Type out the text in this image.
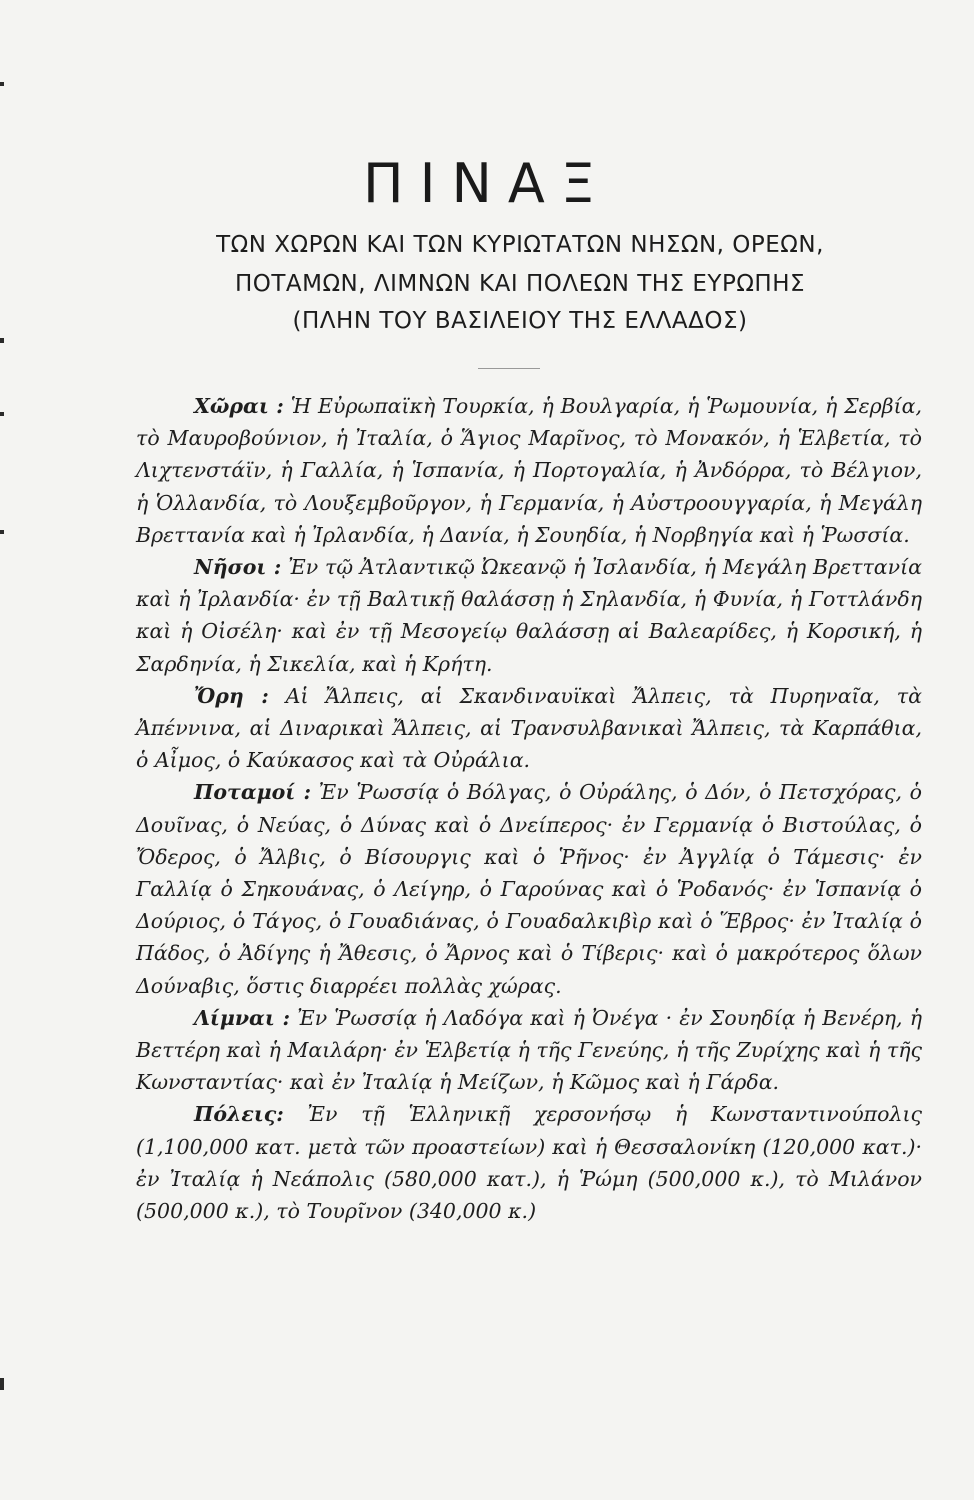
ΠΙΝΑΞ
ΤΩΝ ΧΩΡΩΝ ΚΑΙ ΤΩΝ ΚΥΡΙΩΤΑΤΩΝ ΝΗΣΩΝ, ΟΡΕΩΝ,
ΠΟΤΑΜΩΝ, ΛΙΜΝΩΝ ΚΑΙ ΠΟΛΕΩΝ ΤΗΣ ΕΥΡΩΠΗΣ
(ΠΛΗΝ ΤΟΥ ΒΑΣΙΛΕΙΟΥ ΤΗΣ ΕΛΛΑΔΟΣ)

Χῶραι : Ἡ Εὐρωπαϊκὴ Τουρκία, ἡ Βουλγαρία, ἡ Ῥωμουνία, ἡ Σερβία, τὸ Μαυροβούνιον, ἡ Ἰταλία, ὁ Ἅγιος Μαρῖνος, τὸ Μονακόν, ἡ Ἑλβετία, τὸ Λιχτενστάϊν, ἡ Γαλλία, ἡ Ἱσπανία, ἡ Πορτογαλία, ἡ Ἀνδόρρα, τὸ Βέλγιον, ἡ Ὁλλανδία, τὸ Λουξεμβοῦργον, ἡ Γερμανία, ἡ Αὐστροουγγαρία, ἡ Μεγάλη Βρεττανία καὶ ἡ Ἰρλανδία, ἡ Δανία, ἡ Σουηδία, ἡ Νορβηγία καὶ ἡ Ῥωσσία.

Νῆσοι : Ἐν τῷ Ἀτλαντικῷ Ὠκεανῷ ἡ Ἰσλανδία, ἡ Μεγάλη Βρεττανία καὶ ἡ Ἰρλανδία· ἐν τῇ Βαλτικῇ θαλάσσῃ ἡ Σηλανδία, ἡ Φυνία, ἡ Γοττλάνδη καὶ ἡ Οἰσέλη· καὶ ἐν τῇ Μεσογείῳ θαλάσσῃ αἱ Βαλεαρίδες, ἡ Κορσική, ἡ Σαρδηνία, ἡ Σικελία, καὶ ἡ Κρήτη.

Ὄρη : Αἱ Ἄλπεις, αἱ Σκανδιναυϊκαὶ Ἄλπεις, τὰ Πυρηναῖα, τὰ Ἀπέννινα, αἱ Διναρικαὶ Ἄλπεις, αἱ Τρανσυλβανικαὶ Ἄλπεις, τὰ Καρπάθια, ὁ Αἶμος, ὁ Καύκασος καὶ τὰ Οὐράλια.

Ποταμοί : Ἐν Ῥωσσίᾳ ὁ Βόλγας, ὁ Οὐράλης, ὁ Δόν, ὁ Πετσχόρας, ὁ Δουῖνας, ὁ Νεύας, ὁ Δύνας καὶ ὁ Δνείπερος· ἐν Γερμανίᾳ ὁ Βιστούλας, ὁ Ὄδερος, ὁ Ἄλβις, ὁ Βίσουργις καὶ ὁ Ῥῆνος· ἐν Ἀγγλίᾳ ὁ Τάμεσις· ἐν Γαλλίᾳ ὁ Σηκουάνας, ὁ Λείγηρ, ὁ Γαρούνας καὶ ὁ Ῥοδανός· ἐν Ἱσπανίᾳ ὁ Δούριος, ὁ Τάγος, ὁ Γουαδιάνας, ὁ Γουαδαλκιβὶρ καὶ ὁ Ἕβρος· ἐν Ἰταλίᾳ ὁ Πάδος, ὁ Ἀδίγης ἡ Ἄθεσις, ὁ Ἄρνος καὶ ὁ Τίβερις· καὶ ὁ μακρότερος ὅλων Δούναβις, ὅστις διαρρέει πολλὰς χώρας.

Λίμναι : Ἐν Ῥωσσίᾳ ἡ Λαδόγα καὶ ἡ Ὀνέγα · ἐν Σουηδίᾳ ἡ Βενέρη, ἡ Βεττέρη καὶ ἡ Μαιλάρη· ἐν Ἑλβετίᾳ ἡ τῆς Γενεύης, ἡ τῆς Ζυρίχης καὶ ἡ τῆς Κωνσταντίας· καὶ ἐν Ἰταλίᾳ ἡ Μείζων, ἡ Κῶμος καὶ ἡ Γάρδα.

Πόλεις: Ἐν τῇ Ἑλληνικῇ χερσονήσῳ ἡ Κωνσταντινούπολις (1,100,000 κατ. μετὰ τῶν προαστείων) καὶ ἡ Θεσσαλονίκη (120,000 κατ.)· ἐν Ἰταλίᾳ ἡ Νεάπολις (580,000 κατ.), ἡ Ῥώμη (500,000 κ.), τὸ Μιλάνον (500,000 κ.), τὸ Τουρῖνον (340,000 κ.)
